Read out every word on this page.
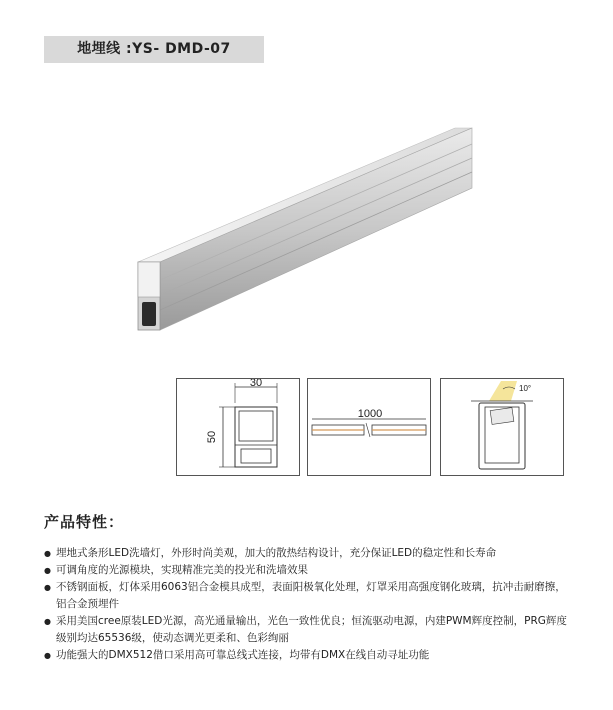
地埋线 :YS- DMD-07
30
50
1000
10°
产品特性：
● 埋地式条形LED洗墙灯，外形时尚美观，加大的散热结构设计，充分保证LED的稳定性和长寿命
● 可调角度的光源模块，实现精准完美的投光和洗墙效果
● 不锈钢面板，灯体采用6063铝合金模具成型，表面阳极氧化处理，灯罩采用高强度钢化玻璃，抗冲击耐磨擦，铝合金预埋件
● 采用美国cree原装LED光源，高光通量输出，光色一致性优良；恒流驱动电源，内建PWM辉度控制，PRG辉度级别均达65536级，使动态调光更柔和、色彩绚丽
● 功能强大的DMX512借口采用高可靠总线式连接，均带有DMX在线自动寻址功能
